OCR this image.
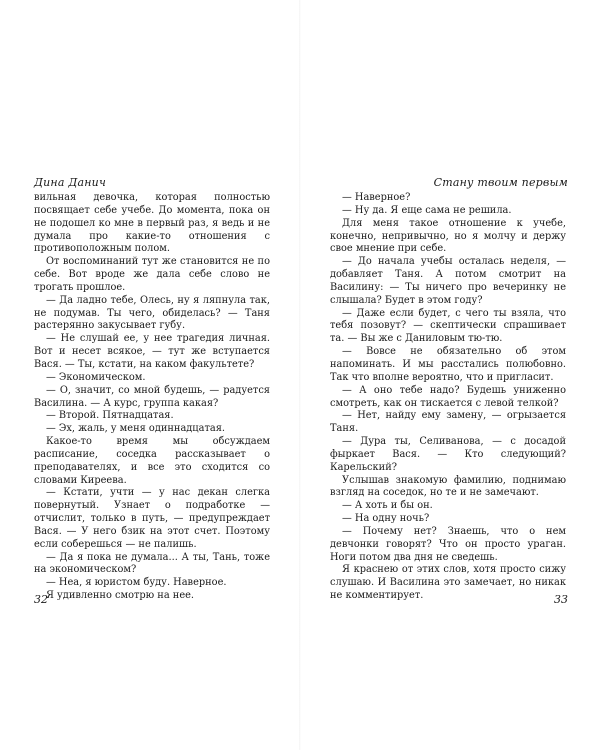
Дина Данич

вильная девочка, которая полностью посвящает себе учебе. До момента, пока он не подошел ко мне в первый раз, я ведь и не думала про какие-то отношения с противоположным полом.

От воспоминаний тут же становится не по себе. Вот вроде же дала себе слово не трогать прошлое.

— Да ладно тебе, Олесь, ну я ляпнула так, не подумав. Ты чего, обиделась? — Таня растерянно закусывает губу.

— Не слушай ее, у нее трагедия личная. Вот и несет всякое, — тут же вступается Вася. — Ты, кстати, на каком факультете?

— Экономическом.

— О, значит, со мной будешь, — радуется Василина. — А курс, группа какая?

— Второй. Пятнадцатая.

— Эх, жаль, у меня одиннадцатая.

Какое-то время мы обсуждаем расписание, соседка рассказывает о преподавателях, и все это сходится со словами Киреева.

— Кстати, учти — у нас декан слегка повернутый. Узнает о подработке — отчислит, только в путь, — предупреждает Вася. — У него бзик на этот счет. Поэтому если соберешься — не палишь.

— Да я пока не думала... А ты, Тань, тоже на экономическом?

— Неа, я юристом буду. Наверное.

Я удивленно смотрю на нее.

32
Стану твоим первым

— Наверное?

— Ну да. Я еще сама не решила.

Для меня такое отношение к учебе, конечно, непривычно, но я молчу и держу свое мнение при себе.

— До начала учебы осталась неделя, — добавляет Таня. А потом смотрит на Василину: — Ты ничего про вечеринку не слышала? Будет в этом году?

— Даже если будет, с чего ты взяла, что тебя позовут? — скептически спрашивает та. — Вы же с Даниловым тю-тю.

— Вовсе не обязательно об этом напоминать. И мы расстались полюбовно. Так что вполне вероятно, что и пригласит.

— А оно тебе надо? Будешь униженно смотреть, как он тискается с левой телкой?

— Нет, найду ему замену, — огрызается Таня.

— Дура ты, Селиванова, — с досадой фыркает Вася. — Кто следующий? Карельский?

Услышав знакомую фамилию, поднимаю взгляд на соседок, но те и не замечают.

— А хоть и бы он.

— На одну ночь?

— Почему нет? Знаешь, что о нем девчонки говорят? Что он просто ураган. Ноги потом два дня не сведешь.

Я краснею от этих слов, хотя просто сижу слушаю. И Василина это замечает, но никак не комментирует.	33
